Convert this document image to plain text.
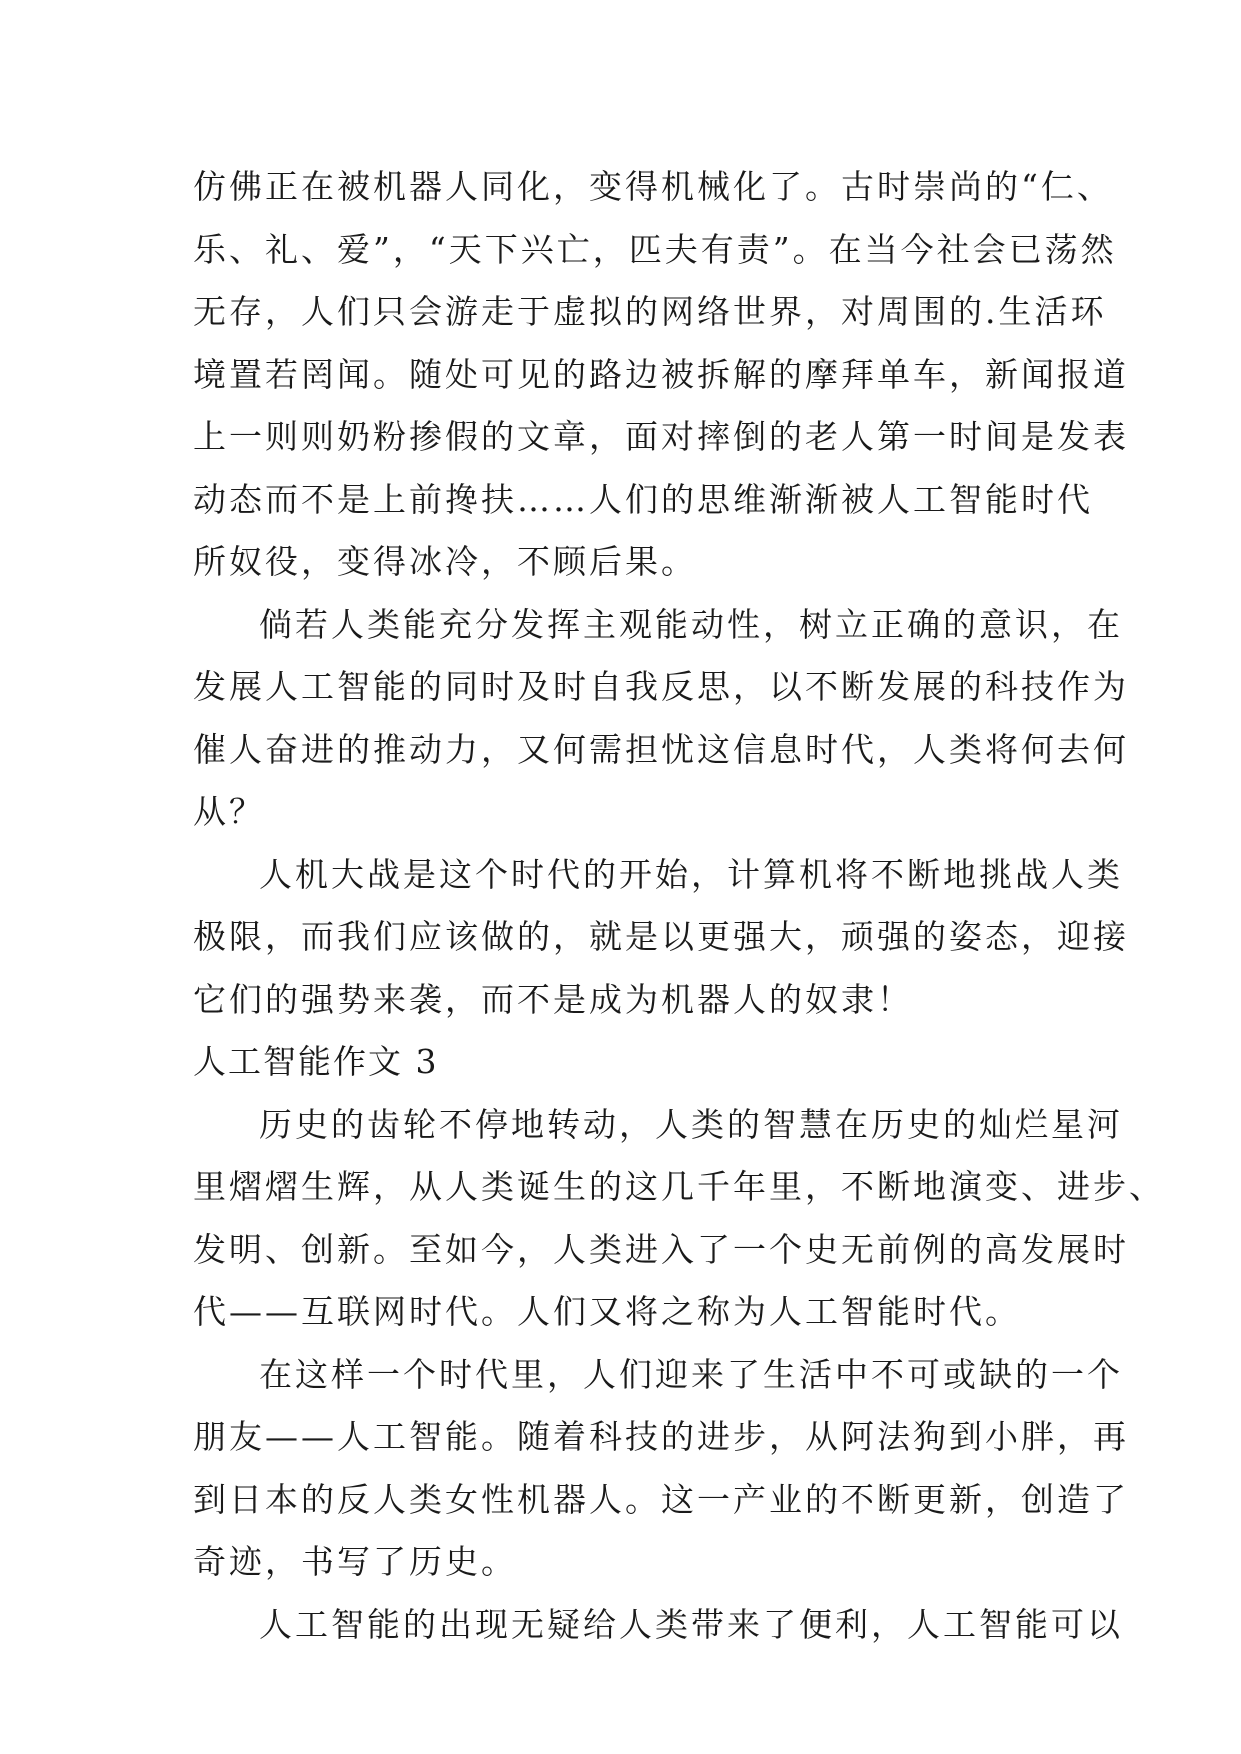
仿佛正在被机器人同化，变得机械化了。古时崇尚的“仁、
乐、礼、爱”，“天下兴亡，匹夫有责”。在当今社会已荡然
无存，人们只会游走于虚拟的网络世界，对周围的.生活环
境置若罔闻。随处可见的路边被拆解的摩拜单车，新闻报道
上一则则奶粉掺假的文章，面对摔倒的老人第一时间是发表
动态而不是上前搀扶……人们的思维渐渐被人工智能时代
所奴役，变得冰冷，不顾后果。
倘若人类能充分发挥主观能动性，树立正确的意识，在
发展人工智能的同时及时自我反思，以不断发展的科技作为
催人奋进的推动力，又何需担忧这信息时代，人类将何去何
从？
人机大战是这个时代的开始，计算机将不断地挑战人类
极限，而我们应该做的，就是以更强大，顽强的姿态，迎接
它们的强势来袭，而不是成为机器人的奴隶！
人工智能作文 3
历史的齿轮不停地转动，人类的智慧在历史的灿烂星河
里熠熠生辉，从人类诞生的这几千年里，不断地演变、进步、
发明、创新。至如今，人类进入了一个史无前例的高发展时
代——互联网时代。人们又将之称为人工智能时代。
在这样一个时代里，人们迎来了生活中不可或缺的一个
朋友——人工智能。随着科技的进步，从阿法狗到小胖，再
到日本的反人类女性机器人。这一产业的不断更新，创造了
奇迹，书写了历史。
人工智能的出现无疑给人类带来了便利，人工智能可以
